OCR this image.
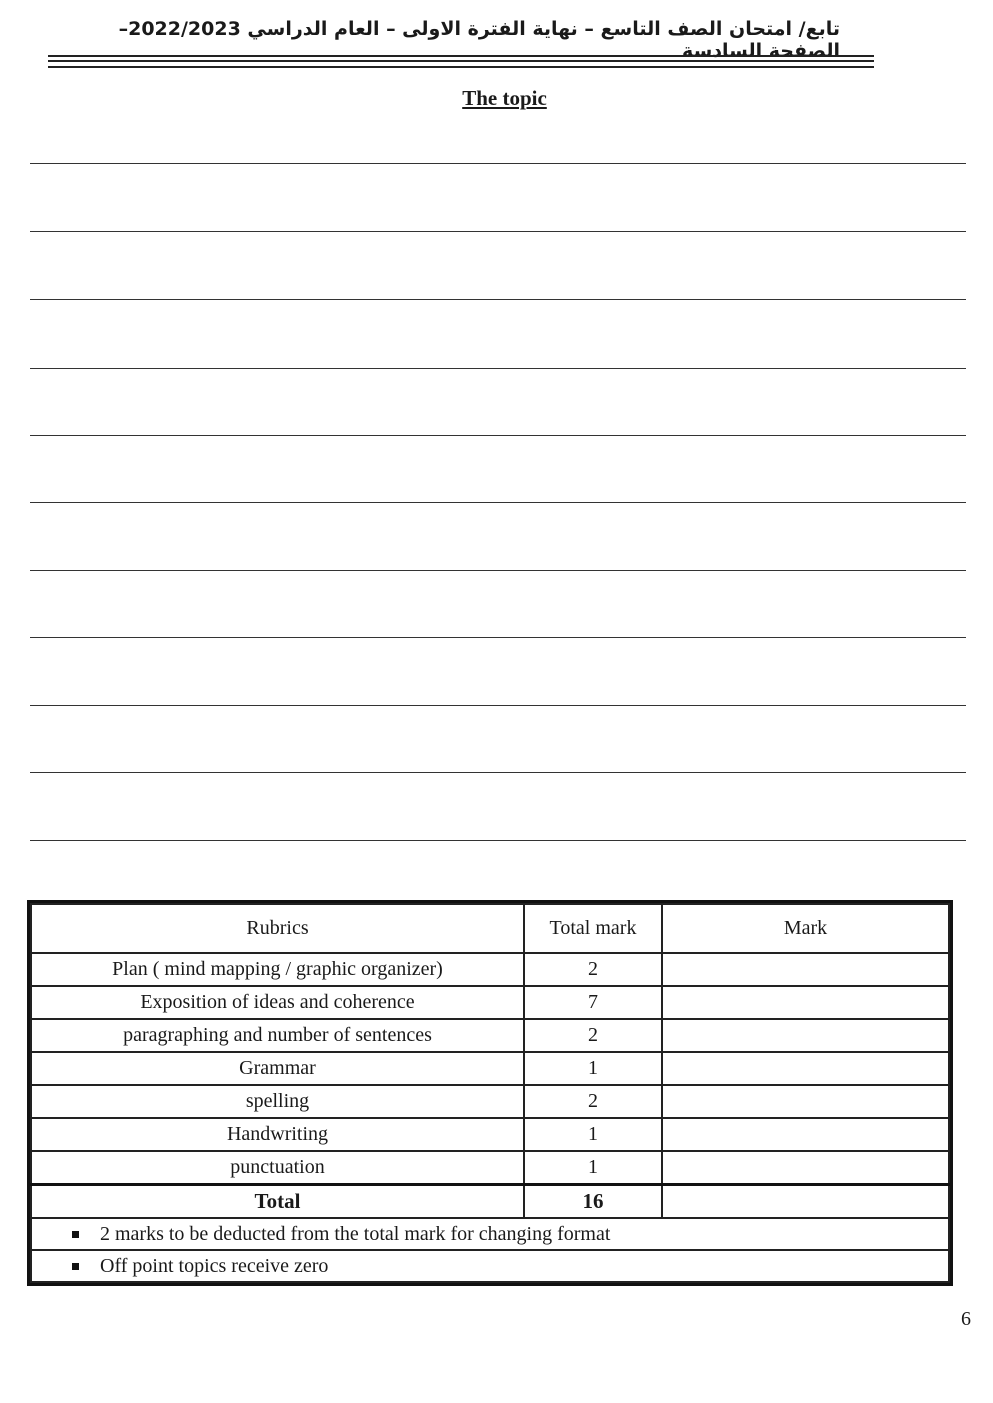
تابع/ امتحان الصف التاسع – نهاية الفترة الاولى – العام الدراسي 2022/2023– الصفحة السادسة
The topic
Rubrics	Total mark	Mark
Plan ( mind mapping / graphic organizer)	2	
Exposition of ideas and coherence	7	
paragraphing and number of sentences	2	
Grammar	1	
spelling	2	
Handwriting	1	
punctuation	1	
Total	16	

2 marks to be deducted from the total mark for changing format		

Off point topics receive zero		
6
